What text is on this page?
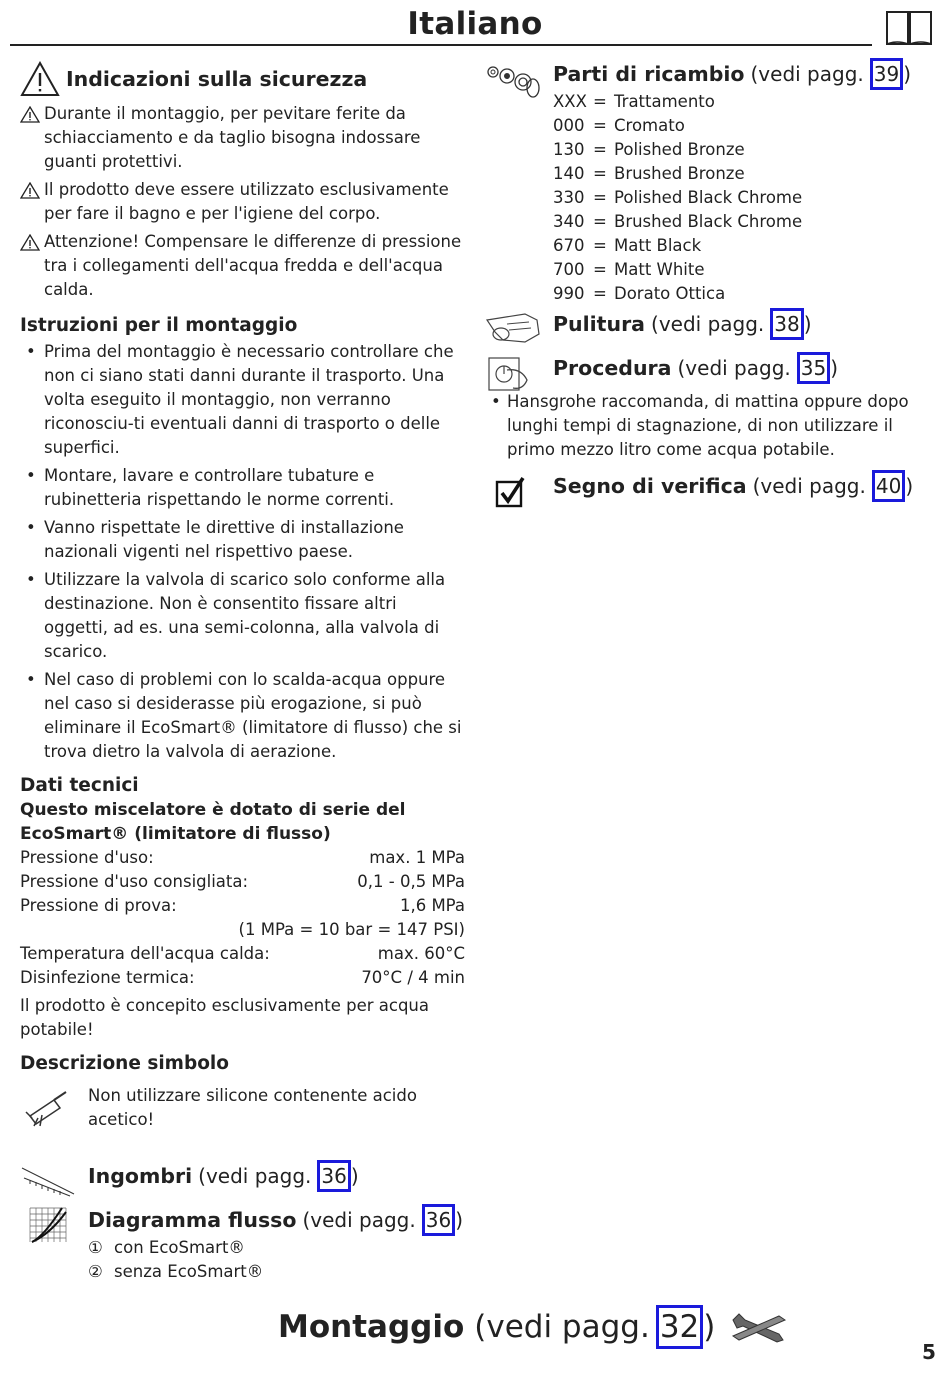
Italiano
Indicazioni sulla sicurezza
Durante il montaggio, per pevitare ferite da schiacciamento e da taglio bisogna indossare guanti protettivi.
Il prodotto deve essere utilizzato esclusivamente per fare il bagno e per l'igiene del corpo.
Attenzione! Compensare le differenze di pressione tra i collegamenti dell'acqua fredda e dell'acqua calda.
Istruzioni per il montaggio
• Prima del montaggio è necessario controllare che non ci siano stati danni durante il trasporto. Una volta eseguito il montaggio, non verranno riconosciu-ti eventuali danni di trasporto o delle superfici.
• Montare, lavare e controllare tubature e rubinetteria rispettando le norme correnti.
• Vanno rispettate le direttive di installazione nazionali vigenti nel rispettivo paese.
• Utilizzare la valvola di scarico solo conforme alla destinazione. Non è consentito fissare altri oggetti, ad es. una semi-colonna, alla valvola di scarico.
• Nel caso di problemi con lo scalda-acqua oppure nel caso si desiderasse più erogazione, si può eliminare il EcoSmart® (limitatore di flusso) che si trova dietro la valvola di aerazione.
Dati tecnici
Questo miscelatore è dotato di serie del EcoSmart® (limitatore di flusso)
Pressione d'uso:	max. 1 MPa
Pressione d'uso consigliata:	0,1 - 0,5 MPa
Pressione di prova:	1,6 MPa
(1 MPa = 10 bar = 147 PSI)
Temperatura dell'acqua calda:	max. 60°C
Disinfezione termica:	70°C / 4 min
Il prodotto è concepito esclusivamente per acqua potabile!
Descrizione simbolo
Non utilizzare silicone contenente acido acetico!
Ingombri (vedi pagg. 36 )
Diagramma flusso (vedi pagg. 36 )
① con EcoSmart®
② senza EcoSmart®
Parti di ricambio (vedi pagg. 39 )
XXX = Trattamento
000 = Cromato
130 = Polished Bronze
140 = Brushed Bronze
330 = Polished Black Chrome
340 = Brushed Black Chrome
670 = Matt Black
700 = Matt White
990 = Dorato Ottica
Pulitura (vedi pagg. 38 )
Procedura (vedi pagg. 35 )
• Hansgrohe raccomanda, di mattina oppure dopo lunghi tempi di stagnazione, di non utilizzare il primo mezzo litro come acqua potabile.
Segno di verifica (vedi pagg. 40 )
Montaggio (vedi pagg. 32 )
5
